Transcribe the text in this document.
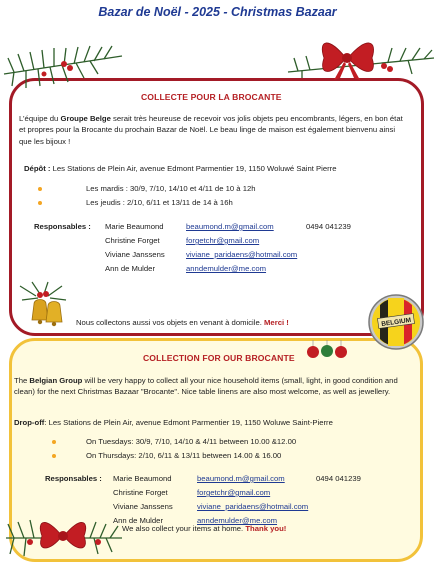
Bazar de Noël - 2025 - Christmas Bazaar
COLLECTE POUR LA BROCANTE
L’équipe du Groupe Belge serait très heureuse de recevoir vos jolis objets peu encombrants, légers, en bon état et propres pour la Brocante du prochain Bazar de Noël. Le beau linge de maison est également bienvenu ainsi que les bijoux !
Dépôt : Les Stations de Plein Air, avenue Edmont Parmentier 19, 1150 Woluwé Saint Pierre
Les mardis : 30/9, 7/10, 14/10 et 4/11 de 10 à 12h
Les jeudis : 2/10, 6/11 et 13/11 de 14 à 16h
Responsables : Marie Beaumond	beaumond.m@gmail.com	0494 041239
Christine Forget	forgetchr@gmail.com
Viviane Janssens	viviane_paridaens@hotmail.com
Ann de Mulder	anndemulder@me.com
Nous collectons aussi vos objets en venant à domicile. Merci !	BELGIUM
COLLECTION FOR OUR BROCANTE
The Belgian Group will be very happy to collect all your nice household items (small, light, in good condition and clean) for the next Christmas Bazaar "Brocante". Nice table linens are also most welcome, as well as jewellery.
Drop-off: Les Stations de Plein Air, avenue Edmont Parmentier 19, 1150 Woluwe Saint-Pierre
On Tuesdays: 30/9, 7/10, 14/10 & 4/11 between 10.00 &12.00
On Thursdays: 2/10, 6/11 & 13/11 between 14.00 & 16.00
Responsables : Marie Beaumond	beaumond.m@gmail.com	0494 041239
Christine Forget	forgetchr@gmail.com
Viviane Janssens	viviane_paridaens@hotmail.com
Ann de Mulder	anndemulder@me.com
We also collect your items at home. Thank you!
